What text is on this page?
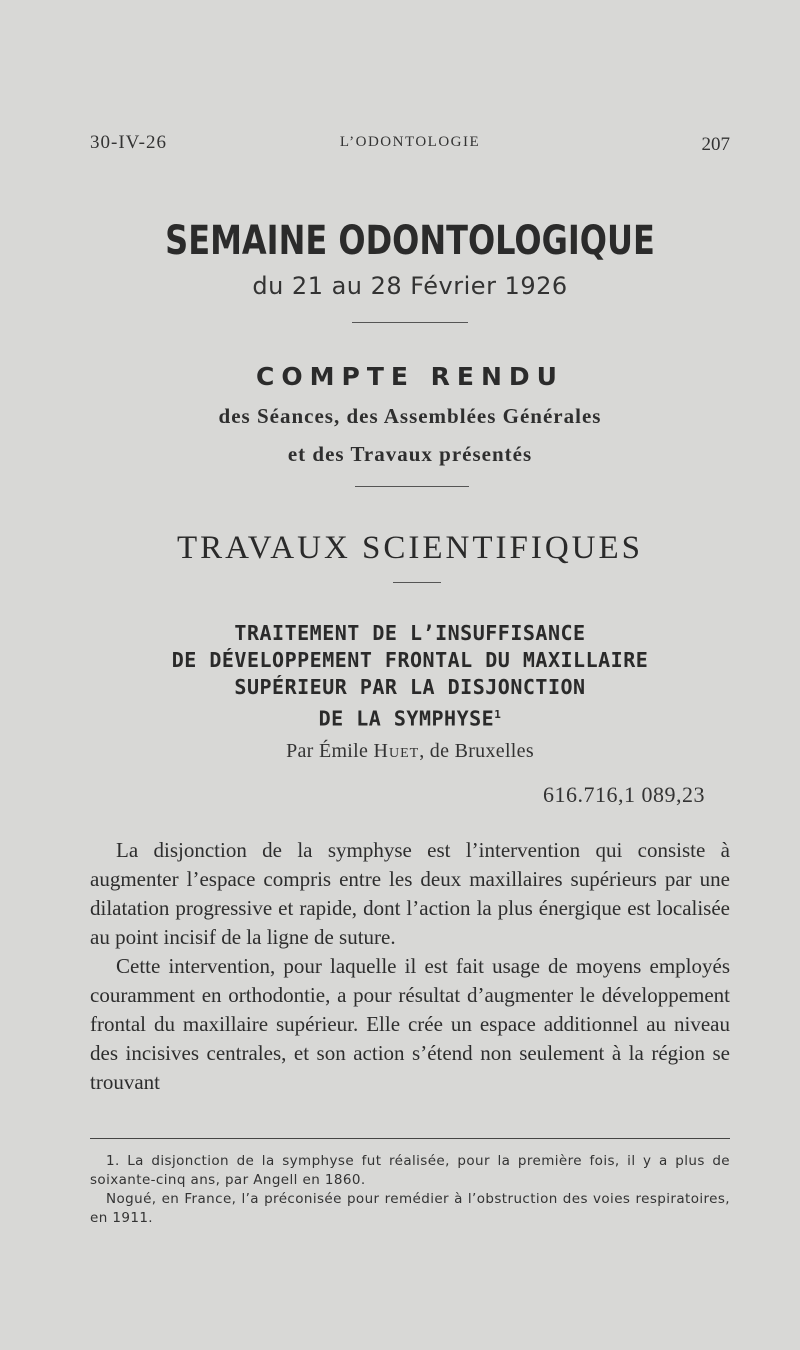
30-IV-26	L’ODONTOLOGIE	207
SEMAINE ODONTOLOGIQUE
du 21 au 28 Février 1926
COMPTE RENDU
des Séances, des Assemblées Générales
et des Travaux présentés
TRAVAUX SCIENTIFIQUES
TRAITEMENT DE L’INSUFFISANCE
DE DÉVELOPPEMENT FRONTAL DU MAXILLAIRE
SUPÉRIEUR PAR LA DISJONCTION
DE LA SYMPHYSE$^1$
Par Émile Huet, de Bruxelles
616.716,1 089,23

La disjonction de la symphyse est l’intervention qui consiste à augmenter l’espace compris entre les deux maxillaires supérieurs par une dilatation progressive et rapide, dont l’action la plus énergique est localisée au point incisif de la ligne de suture.

Cette intervention, pour laquelle il est fait usage de moyens employés couramment en orthodontie, a pour résultat d’augmenter le développement frontal du maxillaire supérieur. Elle crée un espace additionnel au niveau des incisives centrales, et son action s’étend non seulement à la région se trouvant

1. La disjonction de la symphyse fut réalisée, pour la première fois, il y a plus de soixante-cinq ans, par Angell en 1860.

Nogué, en France, l’a préconisée pour remédier à l’obstruction des voies respiratoires, en 1911.
